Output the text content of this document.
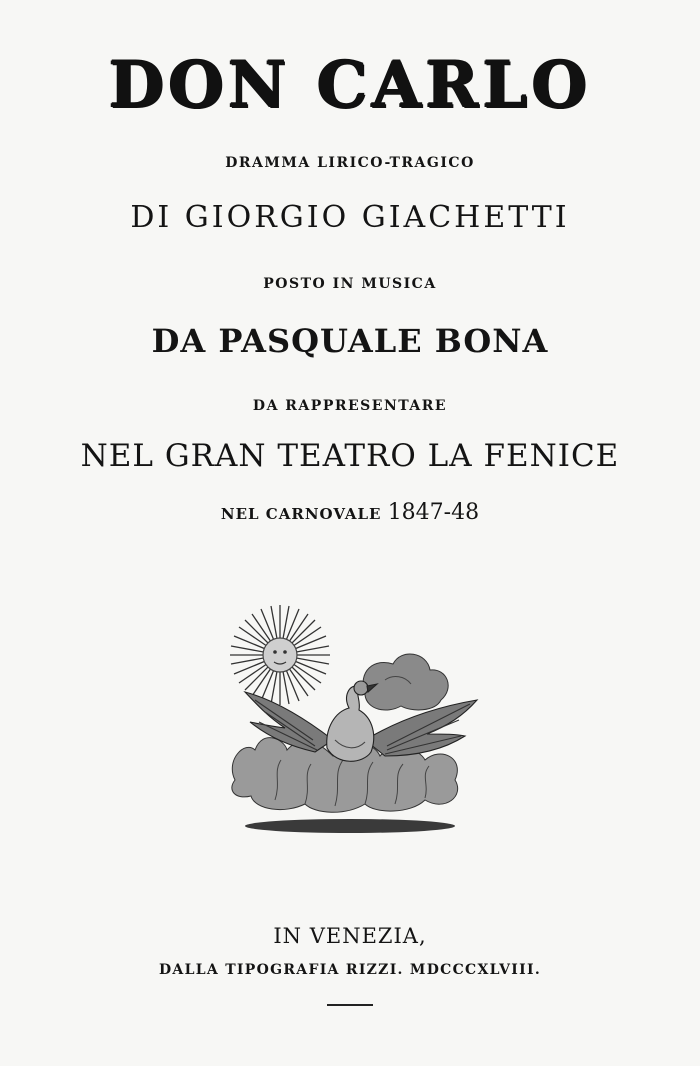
DON CARLO
DRAMMA LIRICO-TRAGICO
DI GIORGIO GIACHETTI
POSTO IN MUSICA
DA PASQUALE BONA
DA RAPPRESENTARE
NEL GRAN TEATRO LA FENICE
NEL CARNOVALE 1847-48
IN VENEZIA,
DALLA TIPOGRAFIA RIZZI. MDCCCXLVIII.
